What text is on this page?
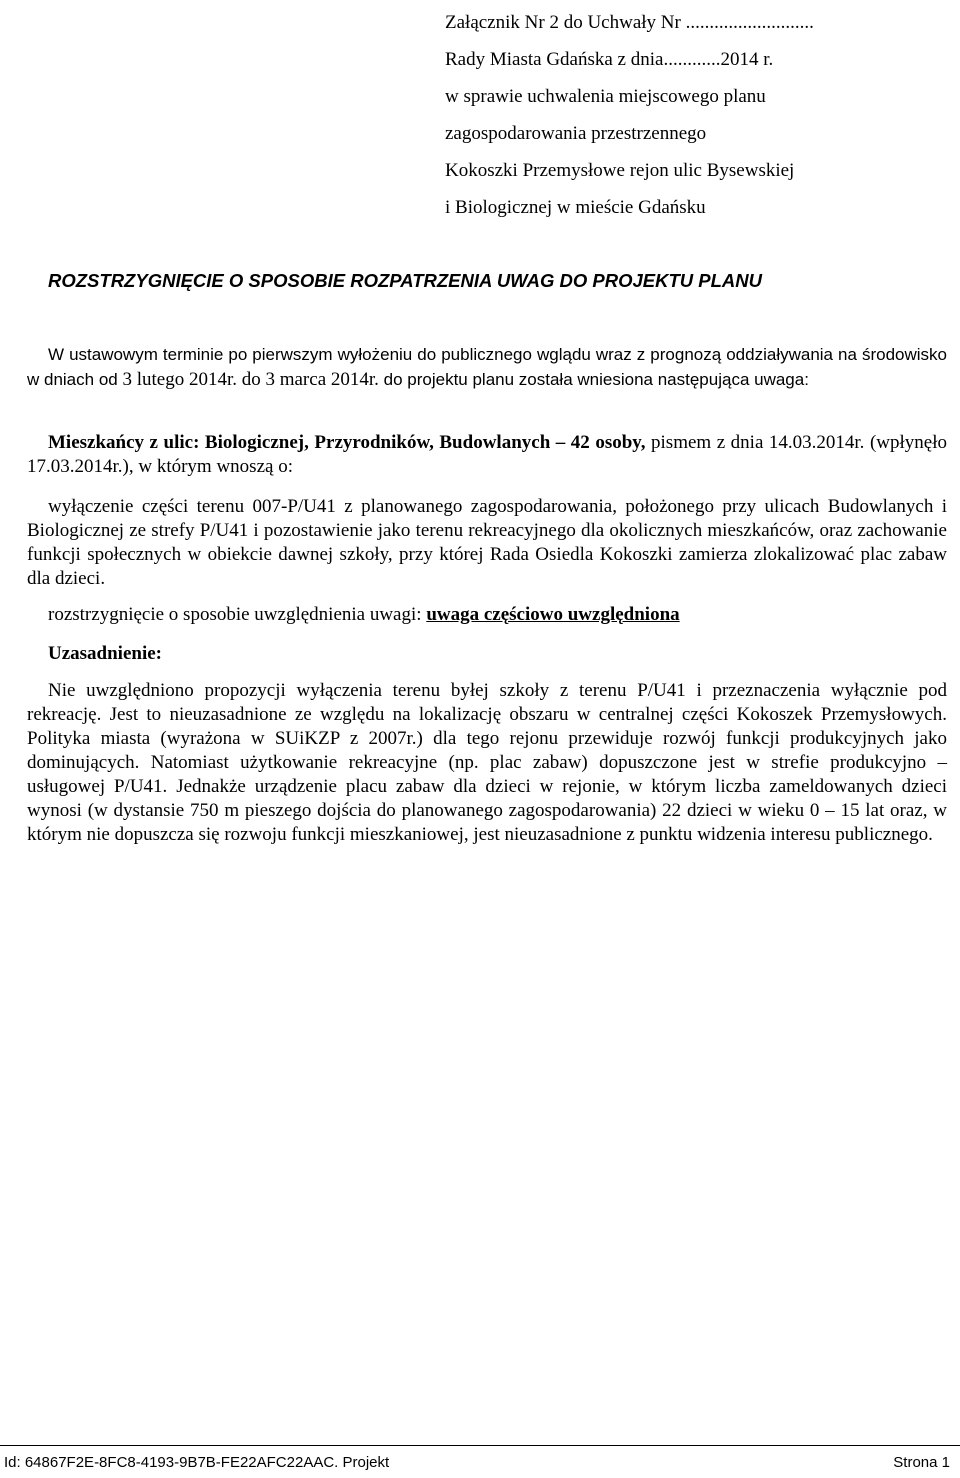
Załącznik Nr 2 do Uchwały Nr ...........................
Rady Miasta Gdańska z dnia............2014 r.
w sprawie uchwalenia miejscowego planu
zagospodarowania przestrzennego
Kokoszki Przemysłowe rejon ulic Bysewskiej
i Biologicznej w mieście Gdańsku
ROZSTRZYGNIĘCIE O SPOSOBIE ROZPATRZENIA UWAG DO PROJEKTU PLANU
W ustawowym terminie po pierwszym wyłożeniu do publicznego wglądu wraz z prognozą oddziaływania na środowisko w dniach od 3 lutego 2014r. do 3 marca 2014r. do projektu planu została wniesiona następująca uwaga:
Mieszkańcy z ulic: Biologicznej, Przyrodników, Budowlanych – 42 osoby, pismem z dnia 14.03.2014r. (wpłynęło 17.03.2014r.), w którym wnoszą o:
wyłączenie części terenu 007-P/U41 z planowanego zagospodarowania, położonego przy ulicach Budowlanych i Biologicznej ze strefy P/U41 i pozostawienie jako terenu rekreacyjnego dla okolicznych mieszkańców, oraz zachowanie funkcji społecznych w obiekcie dawnej szkoły, przy której Rada Osiedla Kokoszki zamierza zlokalizować plac zabaw dla dzieci.
rozstrzygnięcie o sposobie uwzględnienia uwagi: uwaga częściowo uwzględniona
Uzasadnienie:
Nie uwzględniono propozycji wyłączenia terenu byłej szkoły z terenu P/U41 i przeznaczenia wyłącznie pod rekreację. Jest to nieuzasadnione ze względu na lokalizację obszaru w centralnej części Kokoszek Przemysłowych. Polityka miasta (wyrażona w SUiKZP z 2007r.) dla tego rejonu przewiduje rozwój funkcji produkcyjnych jako dominujących. Natomiast użytkowanie rekreacyjne (np. plac zabaw) dopuszczone jest w strefie produkcyjno – usługowej P/U41. Jednakże urządzenie placu zabaw dla dzieci w rejonie, w którym liczba zameldowanych dzieci wynosi (w dystansie 750 m pieszego dojścia do planowanego zagospodarowania) 22 dzieci w wieku 0 – 15 lat oraz, w którym nie dopuszcza się rozwoju funkcji mieszkaniowej, jest nieuzasadnione z punktu widzenia interesu publicznego.
Id: 64867F2E-8FC8-4193-9B7B-FE22AFC22AAC. Projekt	Strona 1
